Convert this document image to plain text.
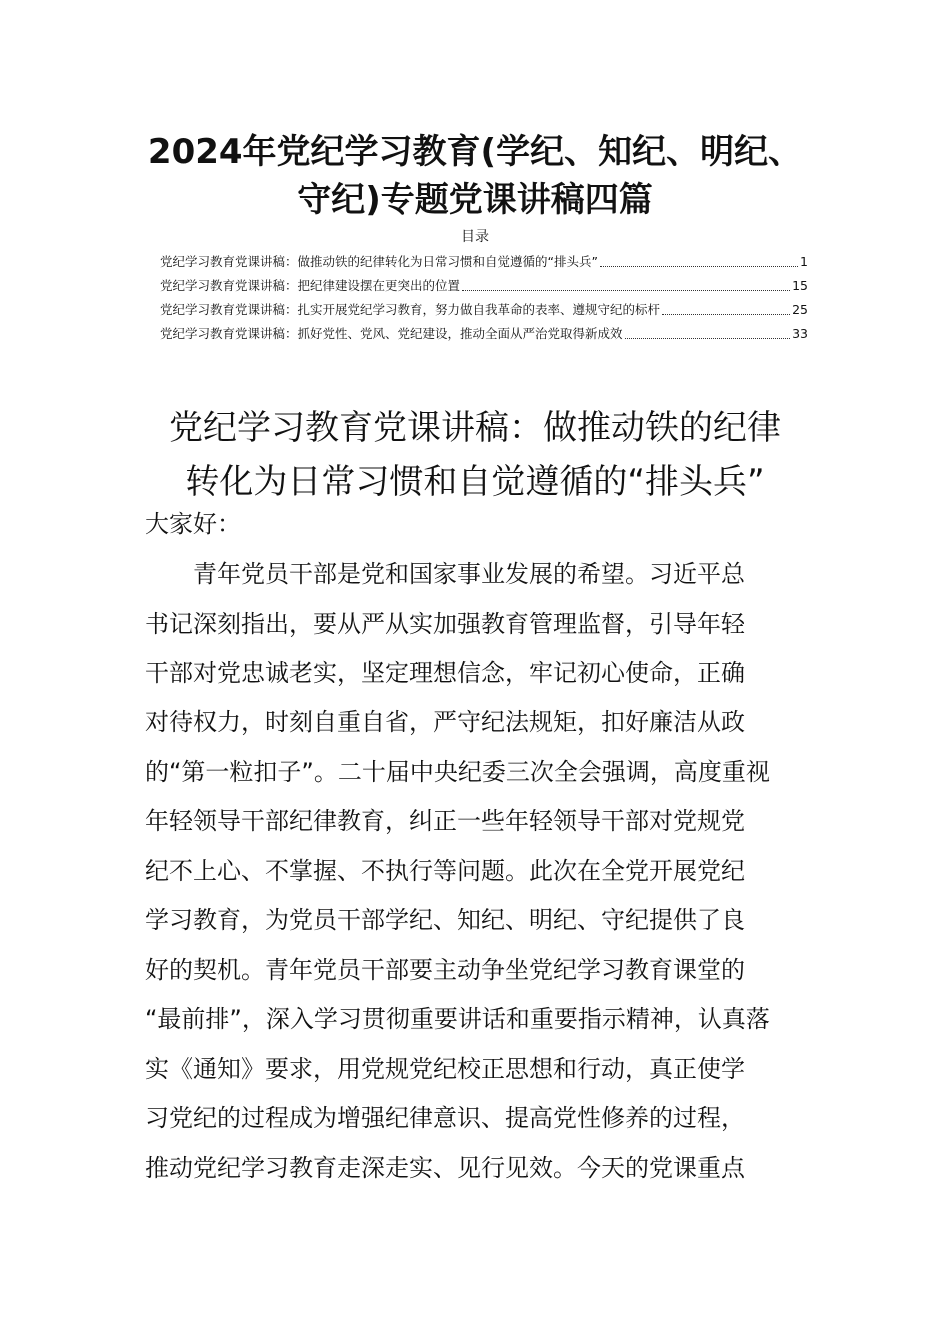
2024年党纪学习教育(学纪、知纪、明纪、
守纪)专题党课讲稿四篇
目录
党纪学习教育党课讲稿：做推动铁的纪律转化为日常习惯和自觉遵循的“排头兵”	1
党纪学习教育党课讲稿：把纪律建设摆在更突出的位置	15
党纪学习教育党课讲稿：扎实开展党纪学习教育，努力做自我革命的表率、遵规守纪的标杆	25
党纪学习教育党课讲稿：抓好党性、党风、党纪建设，推动全面从严治党取得新成效	33
党纪学习教育党课讲稿：做推动铁的纪律
转化为日常习惯和自觉遵循的“排头兵”
大家好：
　　青年党员干部是党和国家事业发展的希望。习近平总
书记深刻指出，要从严从实加强教育管理监督，引导年轻
干部对党忠诚老实，坚定理想信念，牢记初心使命，正确
对待权力，时刻自重自省，严守纪法规矩，扣好廉洁从政
的“第一粒扣子”。二十届中央纪委三次全会强调，高度重视
年轻领导干部纪律教育，纠正一些年轻领导干部对党规党
纪不上心、不掌握、不执行等问题。此次在全党开展党纪
学习教育，为党员干部学纪、知纪、明纪、守纪提供了良
好的契机。青年党员干部要主动争坐党纪学习教育课堂的
“最前排”，深入学习贯彻重要讲话和重要指示精神，认真落
实《通知》要求，用党规党纪校正思想和行动，真正使学
习党纪的过程成为增强纪律意识、提高党性修养的过程，
推动党纪学习教育走深走实、见行见效。今天的党课重点
